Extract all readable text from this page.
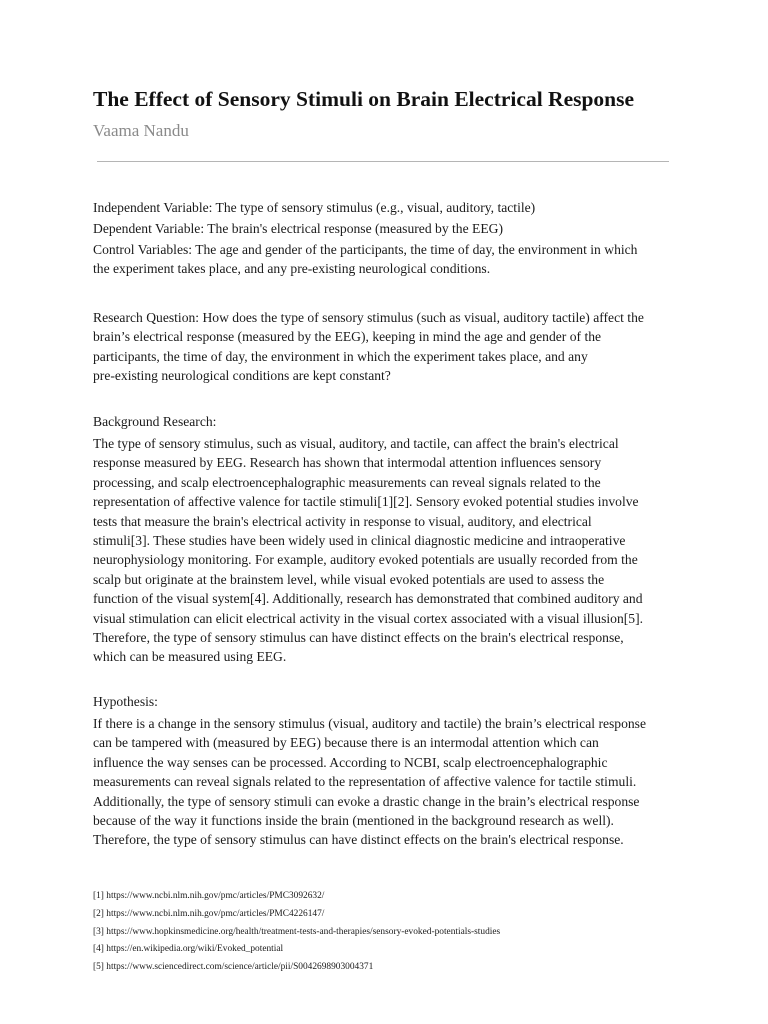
The Effect of Sensory Stimuli on Brain Electrical Response
Vaama Nandu
Independent Variable: The type of sensory stimulus (e.g., visual, auditory, tactile)
Dependent Variable: The brain's electrical response (measured by the EEG)
Control Variables: The age and gender of the participants, the time of day, the environment in which
the experiment takes place, and any pre-existing neurological conditions.
Research Question: How does the type of sensory stimulus (such as visual, auditory tactile) affect the
brain’s electrical response (measured by the EEG), keeping in mind the age and gender of the
participants, the time of day, the environment in which the experiment takes place, and any
pre-existing neurological conditions are kept constant?
Background Research:
The type of sensory stimulus, such as visual, auditory, and tactile, can affect the brain's electrical
response measured by EEG. Research has shown that intermodal attention influences sensory
processing, and scalp electroencephalographic measurements can reveal signals related to the
representation of affective valence for tactile stimuli[1][2]. Sensory evoked potential studies involve
tests that measure the brain's electrical activity in response to visual, auditory, and electrical
stimuli[3]. These studies have been widely used in clinical diagnostic medicine and intraoperative
neurophysiology monitoring. For example, auditory evoked potentials are usually recorded from the
scalp but originate at the brainstem level, while visual evoked potentials are used to assess the
function of the visual system[4]. Additionally, research has demonstrated that combined auditory and
visual stimulation can elicit electrical activity in the visual cortex associated with a visual illusion[5].
Therefore, the type of sensory stimulus can have distinct effects on the brain's electrical response,
which can be measured using EEG.
Hypothesis:
If there is a change in the sensory stimulus (visual, auditory and tactile) the brain’s electrical response
can be tampered with (measured by EEG) because there is an intermodal attention which can
influence the way senses can be processed. According to NCBI, scalp electroencephalographic
measurements can reveal signals related to the representation of affective valence for tactile stimuli.
Additionally, the type of sensory stimuli can evoke a drastic change in the brain’s electrical response
because of the way it functions inside the brain (mentioned in the background research as well).
Therefore, the type of sensory stimulus can have distinct effects on the brain's electrical response.
[1] https://www.ncbi.nlm.nih.gov/pmc/articles/PMC3092632/
[2] https://www.ncbi.nlm.nih.gov/pmc/articles/PMC4226147/
[3] https://www.hopkinsmedicine.org/health/treatment-tests-and-therapies/sensory-evoked-potentials-studies
[4] https://en.wikipedia.org/wiki/Evoked_potential
[5] https://www.sciencedirect.com/science/article/pii/S0042698903004371
